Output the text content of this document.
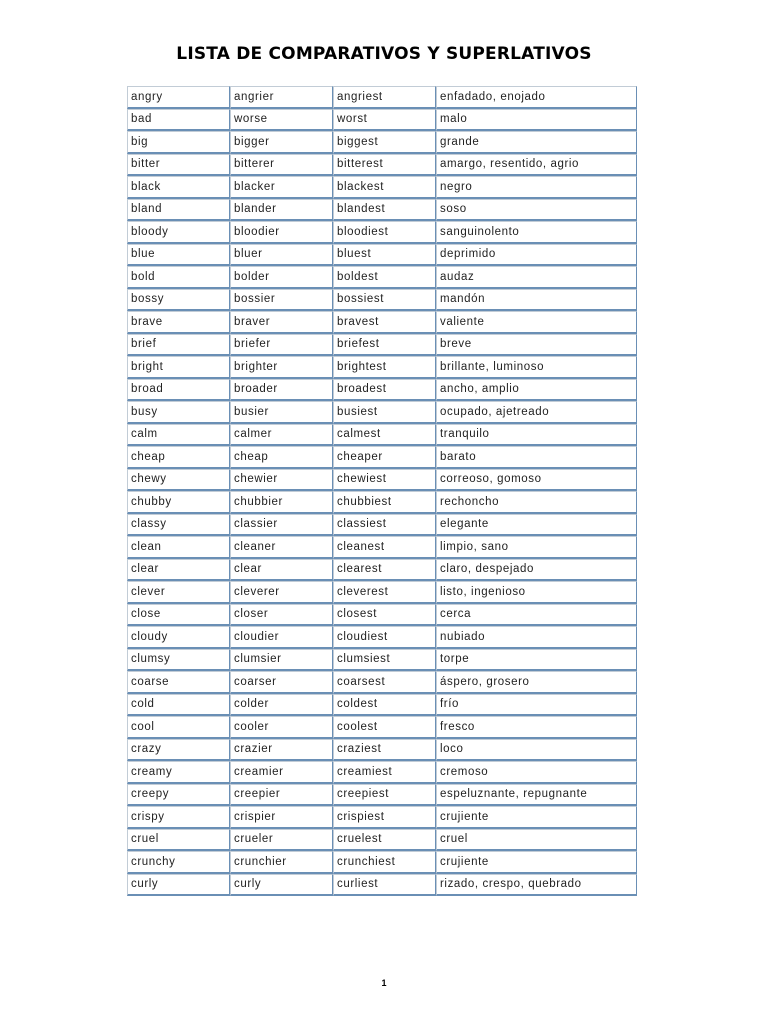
LISTA DE COMPARATIVOS Y SUPERLATIVOS
angry	angrier	angriest	enfadado, enojado
bad	worse	worst	malo
big	bigger	biggest	grande
bitter	bitterer	bitterest	amargo, resentido, agrio
black	blacker	blackest	negro
bland	blander	blandest	soso
bloody	bloodier	bloodiest	sanguinolento
blue	bluer	bluest	deprimido
bold	bolder	boldest	audaz
bossy	bossier	bossiest	mandón
brave	braver	bravest	valiente
brief	briefer	briefest	breve
bright	brighter	brightest	brillante, luminoso
broad	broader	broadest	ancho, amplio
busy	busier	busiest	ocupado, ajetreado
calm	calmer	calmest	tranquilo
cheap	cheap	cheaper	barato
chewy	chewier	chewiest	correoso, gomoso
chubby	chubbier	chubbiest	rechoncho
classy	classier	classiest	elegante
clean	cleaner	cleanest	limpio, sano
clear	clear	clearest	claro, despejado
clever	cleverer	cleverest	listo, ingenioso
close	closer	closest	cerca
cloudy	cloudier	cloudiest	nubiado
clumsy	clumsier	clumsiest	torpe
coarse	coarser	coarsest	áspero, grosero
cold	colder	coldest	frío
cool	cooler	coolest	fresco
crazy	crazier	craziest	loco
creamy	creamier	creamiest	cremoso
creepy	creepier	creepiest	espeluznante, repugnante
crispy	crispier	crispiest	crujiente
cruel	crueler	cruelest	cruel
crunchy	crunchier	crunchiest	crujiente
curly	curly	curliest	rizado, crespo, quebrado
1
